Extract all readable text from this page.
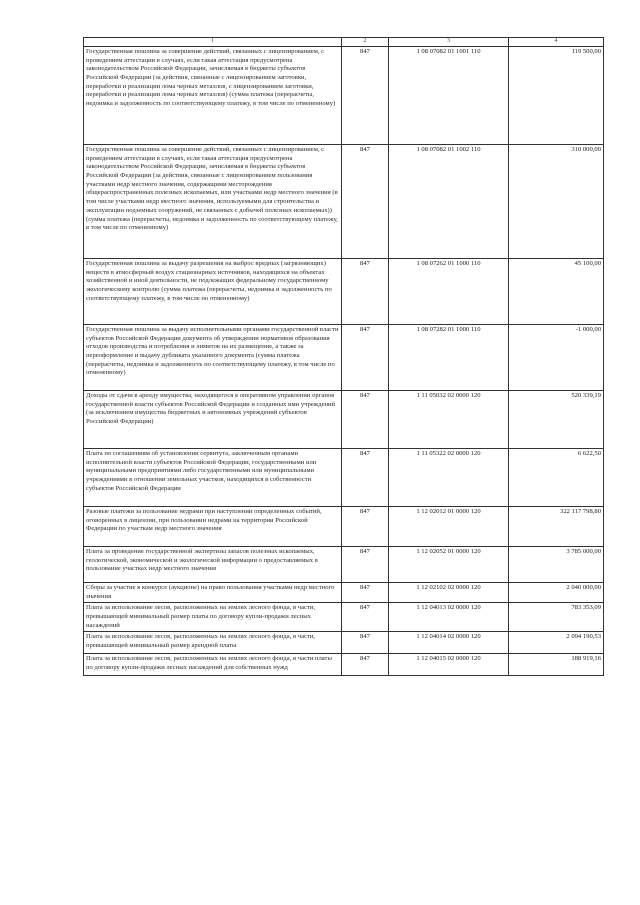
1	2	3	4
Государственная пошлина за совершение действий, связанных с лицензированием, с проведением аттестации в случаях, если такая аттестация предусмотрена законодательством Российской Федерации, зачисляемая в бюджеты субъектов Российской Федерации (за действия, связанные с лицензированием заготовки, переработки и реализации лома черных металлов, с лицензированием заготовки, переработки и реализации лома черных металлов) (сумма платежа (перерасчеты, недоимка и задолженность по соответствующему платежу, в том числе по отмененному)	847	1 08 07082 01 1001 110	119 500,00
Государственная пошлина за совершение действий, связанных с лицензированием, с проведением аттестации в случаях, если такая аттестация предусмотрена законодательством Российской Федерации, зачисляемая в бюджеты субъектов Российской Федерации (за действия, связанные с лицензированием пользования участками недр местного значения, содержащими месторождения общераспространенных полезных ископаемых, или участками недр местного значения (в том числе участками недр местного значения, используемыми для строительства и эксплуатации подземных сооружений, не связанных с добычей полезных ископаемых)) (сумма платежа (перерасчеты, недоимка и задолженность по соответствующему платежу, в том числе по отмененному)	847	1 08 07082 01 1002 110	310 000,00
Государственная пошлина за выдачу разрешения на выброс вредных (загрязняющих) веществ в атмосферный воздух стационарных источников, находящихся на объектах хозяйственной и иной деятельности, не подлежащих федеральному государственному экологическому контролю (сумма платежа (перерасчеты, недоимка и задолженность по соответствующему платежу, в том числе по отмененному)	847	1 08 07262 01 1000 110	45 100,00
Государственная пошлина за выдачу исполнительными органами государственной власти субъектов Российской Федерации документа об утверждении нормативов образования отходов производства и потребления и лимитов на их размещение, а также за переоформление и выдачу дубликата указанного документа (сумма платежа (перерасчеты, недоимка и задолженность по соответствующему платежу, в том числе по отмененному)	847	1 08 07282 01 1000 110	-1 000,00
Доходы от сдачи в аренду имущества, находящегося в оперативном управлении органов государственной власти субъектов Российской Федерации и созданных ими учреждений (за исключением имущества бюджетных и автономных учреждений субъектов Российской Федерации)	847	1 11 05032 02 0000 120	520 339,19
Плата по соглашениям об установлении сервитута, заключенным органами исполнительной власти субъектов Российской Федерации, государственными или муниципальными предприятиями либо государственными или муниципальными учреждениями в отношении земельных участков, находящихся в собственности субъектов Российской Федерации	847	1 11 05322 02 0000 120	6 622,50
Разовые платежи за пользование недрами при наступлении определенных событий, оговоренных в лицензии, при пользовании недрами на территории Российской Федерации по участкам недр местного значения	847	1 12 02012 01 0000 120	322 117 798,80
Плата за проведение государственной экспертизы запасов полезных ископаемых, геологической, экономической и экологической информации о предоставляемых в пользование участках недр местного значения	847	1 12 02052 01 0000 120	3 785 000,00
Сборы за участие в конкурсе (аукционе) на право пользования участками недр местного значения	847	1 12 02102 02 0000 120	2 040 000,00
Плата за использование лесов, расположенных на землях лесного фонда, в части, превышающей минимальный размер платы по договору купли-продажи лесных насаждений	847	1 12 04013 02 0000 120	783 353,09
Плата за использование лесов, расположенных на землях лесного фонда, в части, превышающей минимальный размер арендной платы	847	1 12 04014 02 0000 120	2 094 190,53
Плата за использование лесов, расположенных на землях лесного фонда, в части платы по договору купли-продажи лесных насаждений для собственных нужд	847	1 12 04015 02 0000 120	188 919,16
